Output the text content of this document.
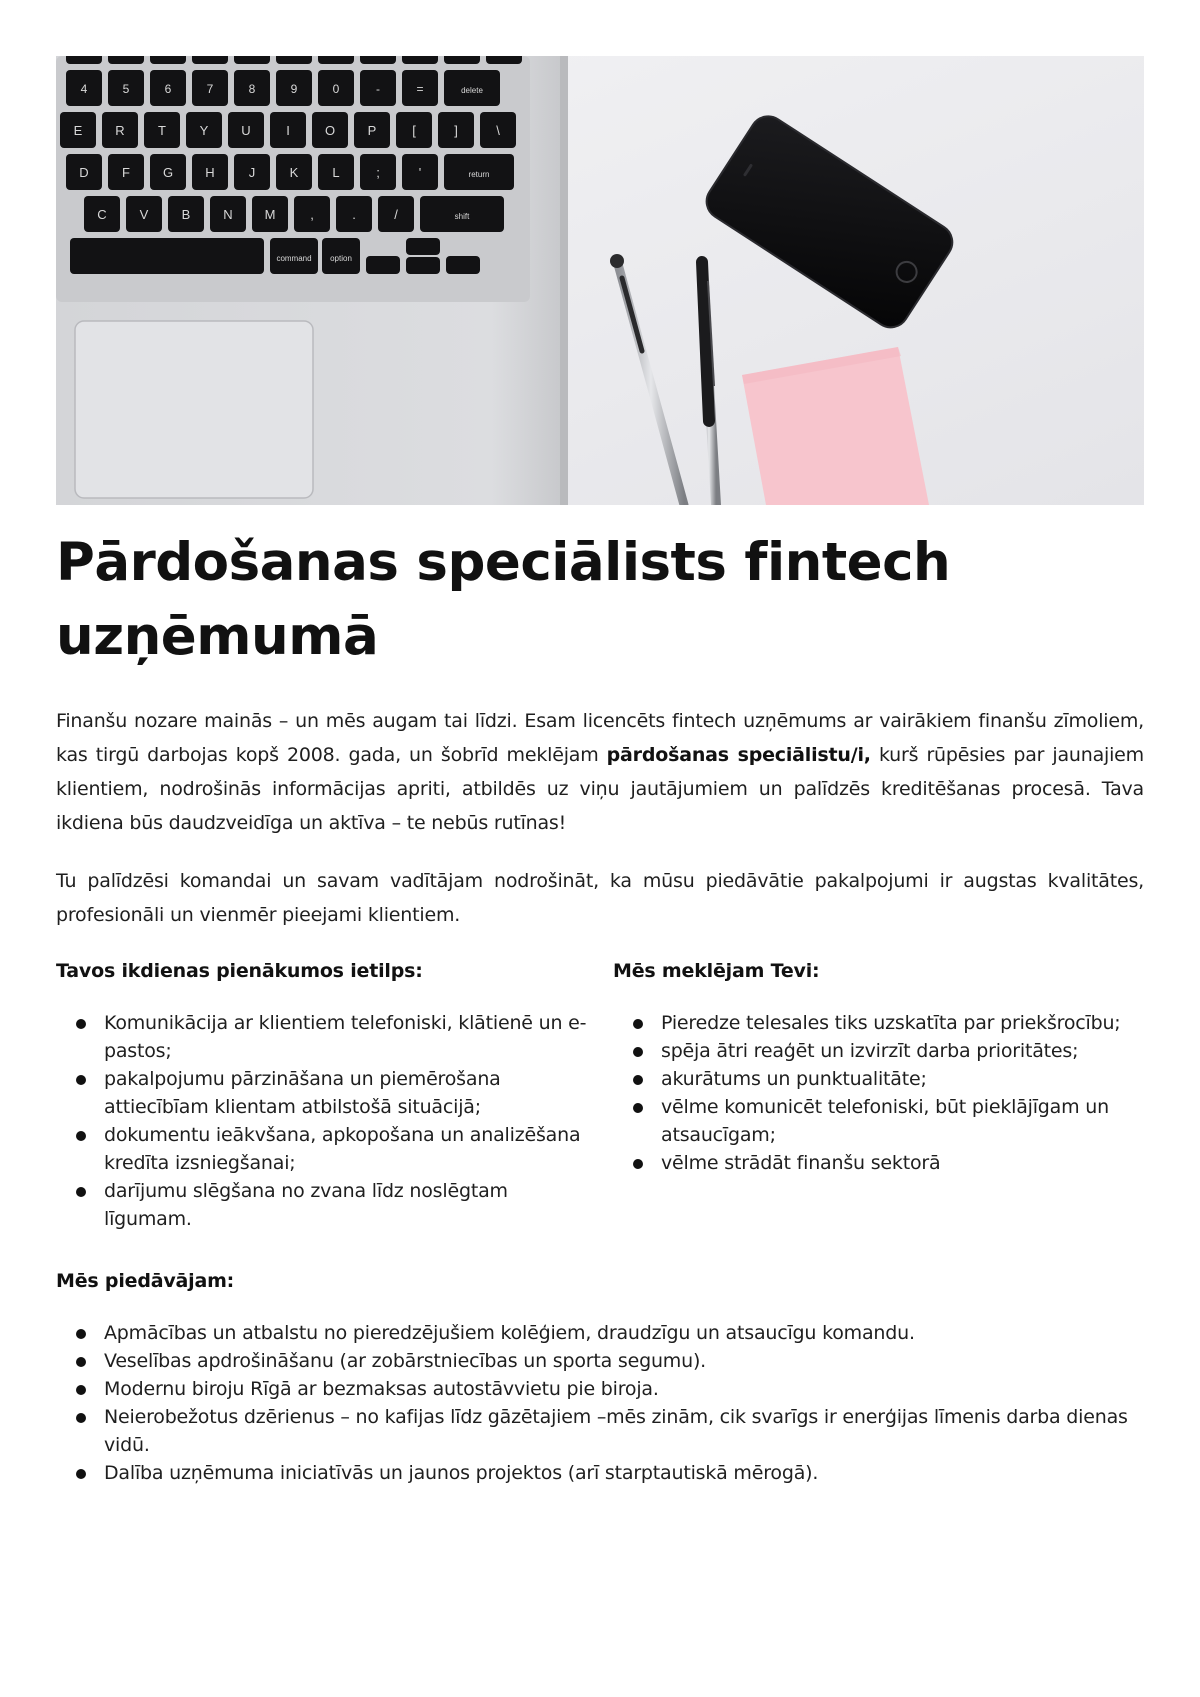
4	5	6	7	8	9	0	-	=	delete
E	R	T	Y	U	I	O	P	[	]	\
D	F	G H	J	K	L	;	'	return
C	V	B	N M	,	.	/	shift
command option
Pārdošanas speciālists fintech uzņēmumā

Finanšu nozare mainās – un mēs augam tai līdzi. Esam licencēts fintech uzņēmums ar vairākiem finanšu zīmoliem, kas tirgū darbojas kopš 2008. gada, un šobrīd meklējam pārdošanas speciālistu/i, kurš rūpēsies par jaunajiem klientiem, nodrošinās informācijas apriti, atbildēs uz viņu jautājumiem un palīdzēs kreditēšanas procesā. Tava ikdiena būs daudzveidīga un aktīva – te nebūs rutīnas!

Tu palīdzēsi komandai un savam vadītājam nodrošināt, ka mūsu piedāvātie pakalpojumi ir augstas kvalitātes, profesionāli un vienmēr pieejami klientiem.

Tavos ikdienas pienākumos ietilps:
Komunikācija ar klientiem telefoniski, klātienē un e-pastos;
pakalpojumu pārzināšana un piemērošana attiecībīam klientam atbilstošā situācijā;
dokumentu ieākvšana, apkopošana un analizēšana kredīta izsniegšanai;
darījumu slēgšana no zvana līdz noslēgtam līgumam.
Mēs meklējam Tevi:
Pieredze telesales tiks uzskatīta par priekšrocību;
spēja ātri reaģēt un izvirzīt darba prioritātes;
akurātums un punktualitāte;
vēlme komunicēt telefoniski, būt pieklājīgam un atsaucīgam;
vēlme strādāt finanšu sektorā
Mēs piedāvājam:
Apmācības un atbalstu no pieredzējušiem kolēģiem, draudzīgu un atsaucīgu komandu.
Veselības apdrošināšanu (ar zobārstniecības un sporta segumu).
Modernu biroju Rīgā ar bezmaksas autostāvvietu pie biroja.
Neierobežotus dzērienus – no kafijas līdz gāzētajiem –mēs zinām, cik svarīgs ir enerģijas līmenis darba dienas vidū.
Dalība uzņēmuma iniciatīvās un jaunos projektos (arī starptautiskā mērogā).
